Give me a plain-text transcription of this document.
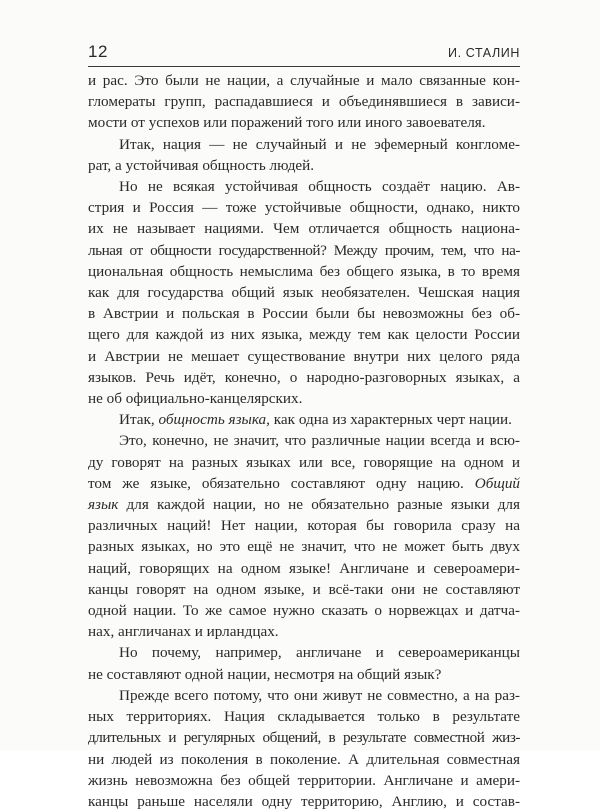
12	И. СТАЛИН

и рас. Это были не нации, а случайные и мало связанные кон-
гломераты групп, распадавшиеся и объединявшиеся в зависи-
мости от успехов или поражений того или иного завоевателя.

Итак, нация — не случайный и не эфемерный конгломе-
рат, а устойчивая общность людей.

Но не всякая устойчивая общность создаёт нацию. Ав-
стрия и Россия — тоже устойчивые общности, однако, никто
их не называет нациями. Чем отличается общность национа-
льная от общности государственной? Между прочим, тем, что на-
циональная общность немыслима без общего языка, в то время
как для государства общий язык необязателен. Чешская нация
в Австрии и польская в России были бы невозможны без об-
щего для каждой из них языка, между тем как целости России
и Австрии не мешает существование внутри них целого ряда
языков. Речь идёт, конечно, о народно-разговорных языках, а
не об официально-канцелярских.

Итак, общность языка, как одна из характерных черт нации.

Это, конечно, не значит, что различные нации всегда и всю-
ду говорят на разных языках или все, говорящие на одном и
том же языке, обязательно составляют одну нацию. Общий
язык для каждой нации, но не обязательно разные языки для
различных наций! Нет нации, которая бы говорила сразу на
разных языках, но это ещё не значит, что не может быть двух
наций, говорящих на одном языке! Англичане и североамери-
канцы говорят на одном языке, и всё-таки они не составляют
одной нации. То же самое нужно сказать о норвежцах и датча-
нах, англичанах и ирландцах.

Но почему, например, англичане и североамериканцы
не составляют одной нации, несмотря на общий язык?

Прежде всего потому, что они живут не совместно, а на раз-
ных территориях. Нация складывается только в результате
длительных и регулярных общений, в результате совместной жиз-
ни людей из поколения в поколение. А длительная совместная
жизнь невозможна без общей территории. Англичане и амери-
канцы раньше населяли одну территорию, Англию, и состав-
